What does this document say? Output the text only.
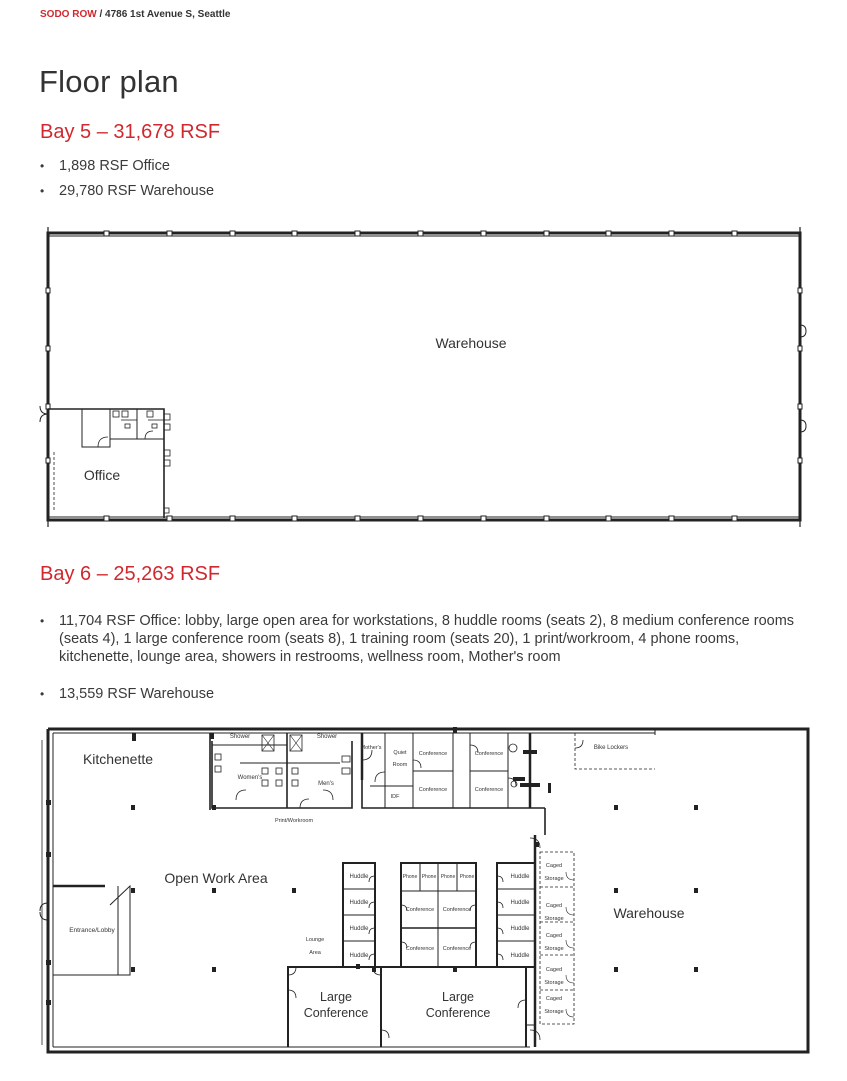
SODO ROW / 4786 1st Avenue S, Seattle
Floor plan
Bay 5 – 31,678 RSF
• 1,898 RSF Office
• 29,780 RSF Warehouse
Bay 6 – 25,263 RSF
• 11,704 RSF Office: lobby, large open area for workstations, 8 huddle rooms (seats 2), 8 medium conference rooms (seats 4), 1 large conference room (seats 8), 1 training room (seats 20), 1 print/workroom, 4 phone rooms, kitchenette, lounge area, showers in restrooms, wellness room, Mother's room
• 13,559 RSF Warehouse
Warehouse
Office
Kitchenette
Open Work Area
Warehouse
Entrance/Lobby
Shower	Shower
Women's
Men's
Mother's
Quiet
Room
IDF
Conference
Conference
Conference
Conference
Print/Workroom
Huddle
Huddle
Huddle
Huddle
Huddle
Huddle
Huddle
Huddle
Phone Phone Phone Phone
Conference Conference
Conference Conference
Lounge
Area
Large
Conference
Large
Conference
Caged
Storage
Caged
Storage
Caged
Storage
Caged
Storage
Caged
Storage
Bike Lockers
